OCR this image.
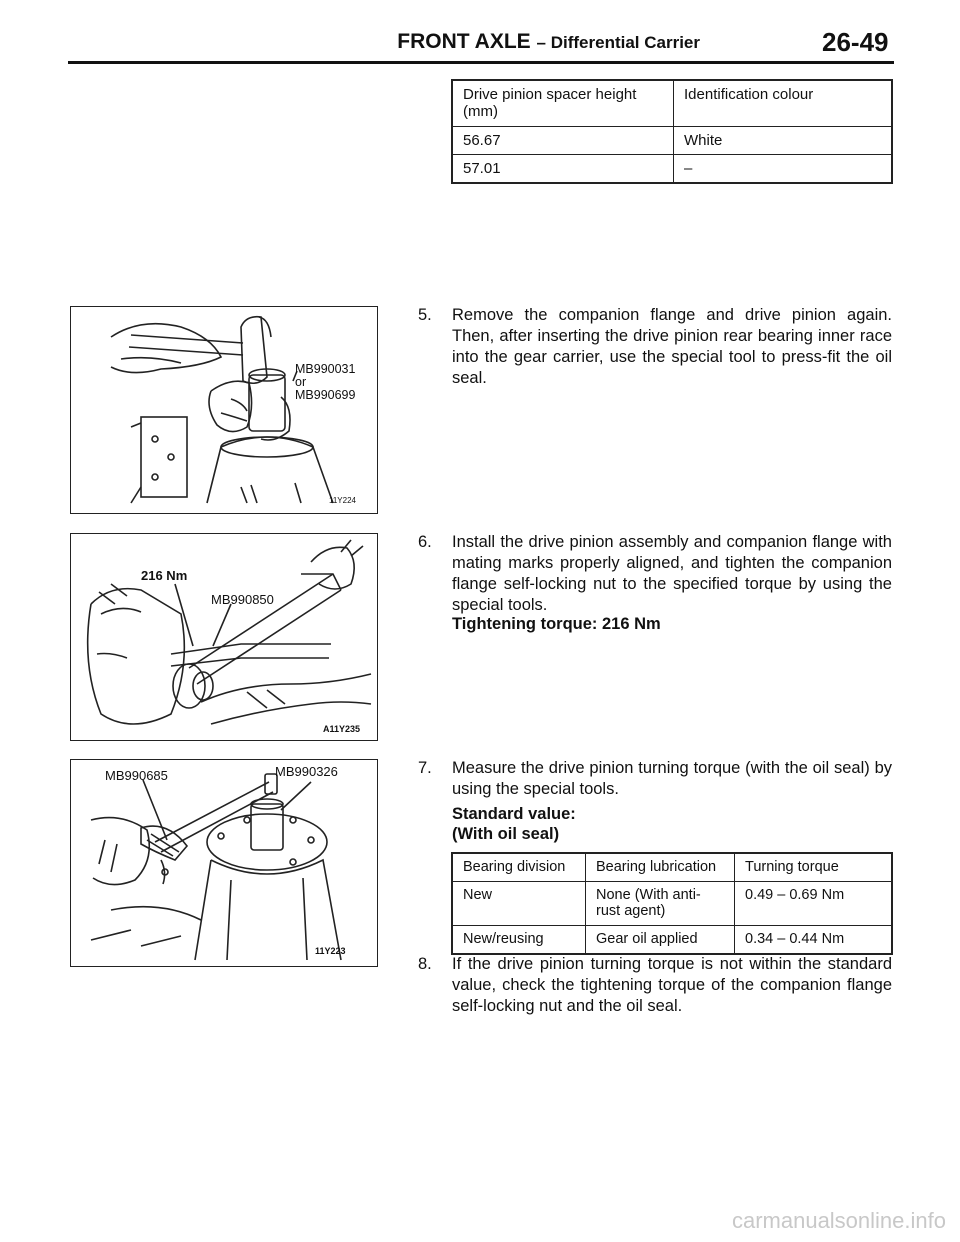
FRONT AXLE – Differential Carrier	26-49
Drive pinion spacer height (mm)	Identification colour
56.67	White
57.01	–
MB990031
or
MB990699
11Y224
216 Nm
MB990850
A11Y235
MB990685	MB990326
11Y223
5. Remove the companion flange and drive pinion again. Then, after inserting the drive pinion rear bearing inner race into the gear carrier, use the special tool to press-fit the oil seal.
6. Install the drive pinion assembly and companion flange with mating marks properly aligned, and tighten the companion flange self-locking nut to the specified torque by using the special tools.
Tightening torque: 216 Nm
7. Measure the drive pinion turning torque (with the oil seal) by using the special tools.
Standard value:
(With oil seal)
Bearing division	Bearing lubrication	Turning torque
New	None (With anti-rust agent)	0.49 – 0.69 Nm
New/reusing	Gear oil applied	0.34 – 0.44 Nm
8. If the drive pinion turning torque is not within the standard value, check the tightening torque of the companion flange self-locking nut and the oil seal.
carmanualsonline.info
